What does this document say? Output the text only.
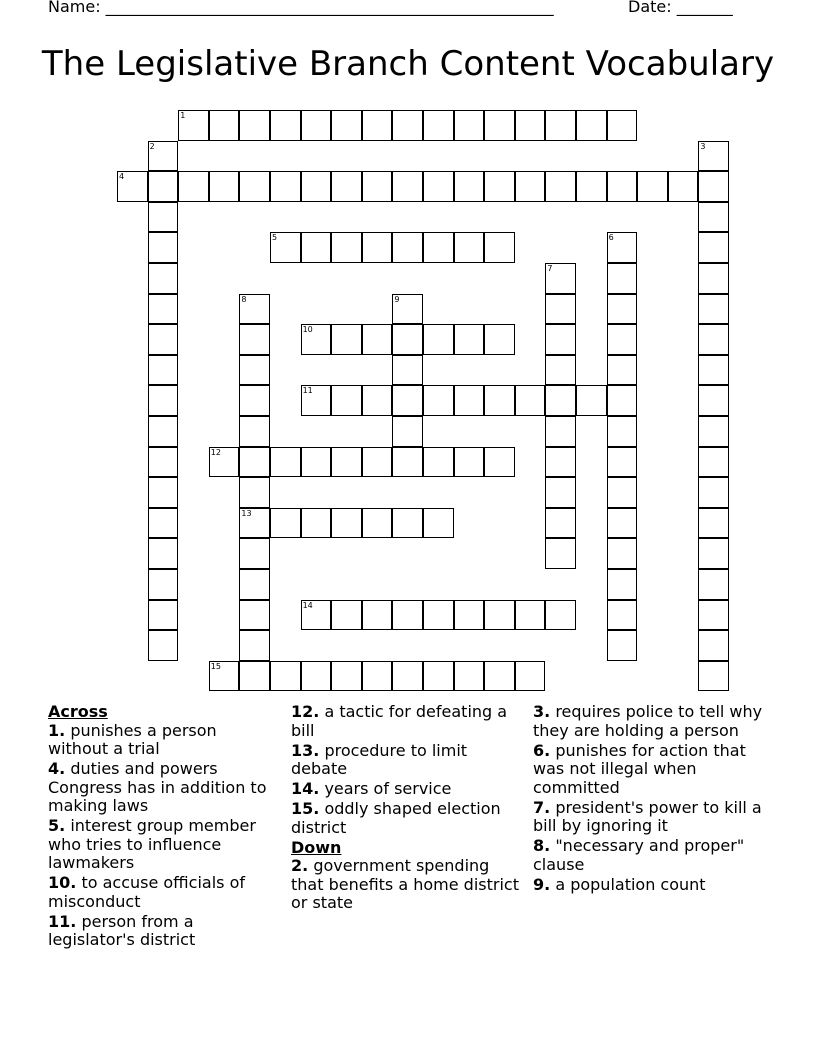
Name: ________________________________________________________	Date: _______
The Legislative Branch Content Vocabulary
1
2	3
4
5	6
7
8
13
9
10
11
12
14
15
Across
1. punishes a person without a trial
4. duties and powers Congress has in addition to making laws
5. interest group member who tries to influence lawmakers
10. to accuse officials of misconduct
11. person from a legislator's district
12. a tactic for defeating a bill
13. procedure to limit debate
14. years of service
15. oddly shaped election district
Down
2. government spending that benefits a home district or state
3. requires police to tell why they are holding a person
6. punishes for action that was not illegal when committed
7. president's power to kill a bill by ignoring it
8. "necessary and proper" clause
9. a population count
